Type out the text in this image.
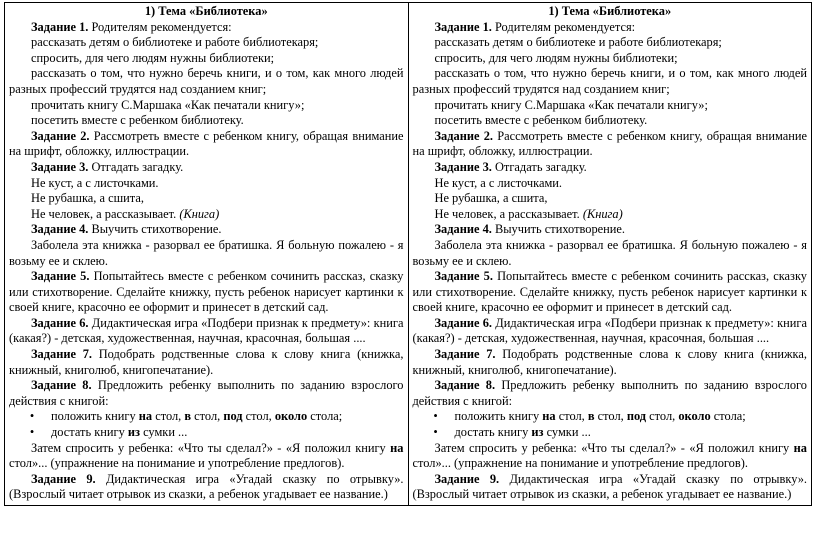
1) Тема «Библиотека»

Задание 1. Родителям рекомендуется:

рассказать детям о библиотеке и работе библиотекаря;

спросить, для чего людям нужны библиотеки;

рассказать о том, что нужно беречь книги, и о том, как много людей разных профессий трудятся над созданием книг;

прочитать книгу С.Маршака «Как печатали книгу»;

посетить вместе с ребенком библиотеку.

Задание 2. Рассмотреть вместе с ребенком книгу, обращая внимание на шрифт, обложку, иллюстрации.

Задание 3. Отгадать загадку.

Не куст, а с листочками.

Не рубашка, а сшита,

Не человек, а рассказывает. (Книга)

Задание 4. Выучить стихотворение.

Заболела эта книжка - разорвал ее братишка. Я больную пожалею - я возьму ее и склею.

Задание 5. Попытайтесь вместе с ребенком сочинить рассказ, сказку или стихотворение. Сделайте книжку, пусть ребенок нарисует картинки к своей книге, красочно ее оформит и принесет в детский сад.

Задание 6. Дидактическая игра «Подбери признак к предмету»: книга (какая?) - детская, художественная, научная, красочная, большая ....

Задание 7. Подобрать родственные слова к слову книга (книжка, книжный, книголюб, книгопечатание).

Задание 8. Предложить ребенку выполнить по заданию взрослого действия с книгой:

•	положить книгу на стол, в стол, под стол, около стола;

•	достать книгу из сумки ...

Затем спросить у ребенка: «Что ты сделал?» - «Я положил книгу на стол»... (упражнение на понимание и употребление предлогов).

Задание 9. Дидактическая игра «Угадай сказку по отрывку». (Взрослый читает отрывок из сказки, а ребенок угадывает ее название.)

1) Тема «Библиотека»

Задание 1. Родителям рекомендуется:

рассказать детям о библиотеке и работе библиотекаря;

спросить, для чего людям нужны библиотеки;

рассказать о том, что нужно беречь книги, и о том, как много людей разных профессий трудятся над созданием книг;

прочитать книгу С.Маршака «Как печатали книгу»;

посетить вместе с ребенком библиотеку.

Задание 2. Рассмотреть вместе с ребенком книгу, обращая внимание на шрифт, обложку, иллюстрации.

Задание 3. Отгадать загадку.

Не куст, а с листочками.

Не рубашка, а сшита,

Не человек, а рассказывает. (Книга)

Задание 4. Выучить стихотворение.

Заболела эта книжка - разорвал ее братишка. Я больную пожалею - я возьму ее и склею.

Задание 5. Попытайтесь вместе с ребенком сочинить рассказ, сказку или стихотворение. Сделайте книжку, пусть ребенок нарисует картинки к своей книге, красочно ее оформит и принесет в детский сад.

Задание 6. Дидактическая игра «Подбери признак к предмету»: книга (какая?) - детская, художественная, научная, красочная, большая ....

Задание 7. Подобрать родственные слова к слову книга (книжка, книжный, книголюб, книгопечатание).

Задание 8. Предложить ребенку выполнить по заданию взрослого действия с книгой:

•	положить книгу на стол, в стол, под стол, около стола;

•	достать книгу из сумки ...

Затем спросить у ребенка: «Что ты сделал?» - «Я положил книгу на стол»... (упражнение на понимание и употребление предлогов).

Задание 9. Дидактическая игра «Угадай сказку по отрывку». (Взрослый читает отрывок из сказки, а ребенок угадывает ее название.)
